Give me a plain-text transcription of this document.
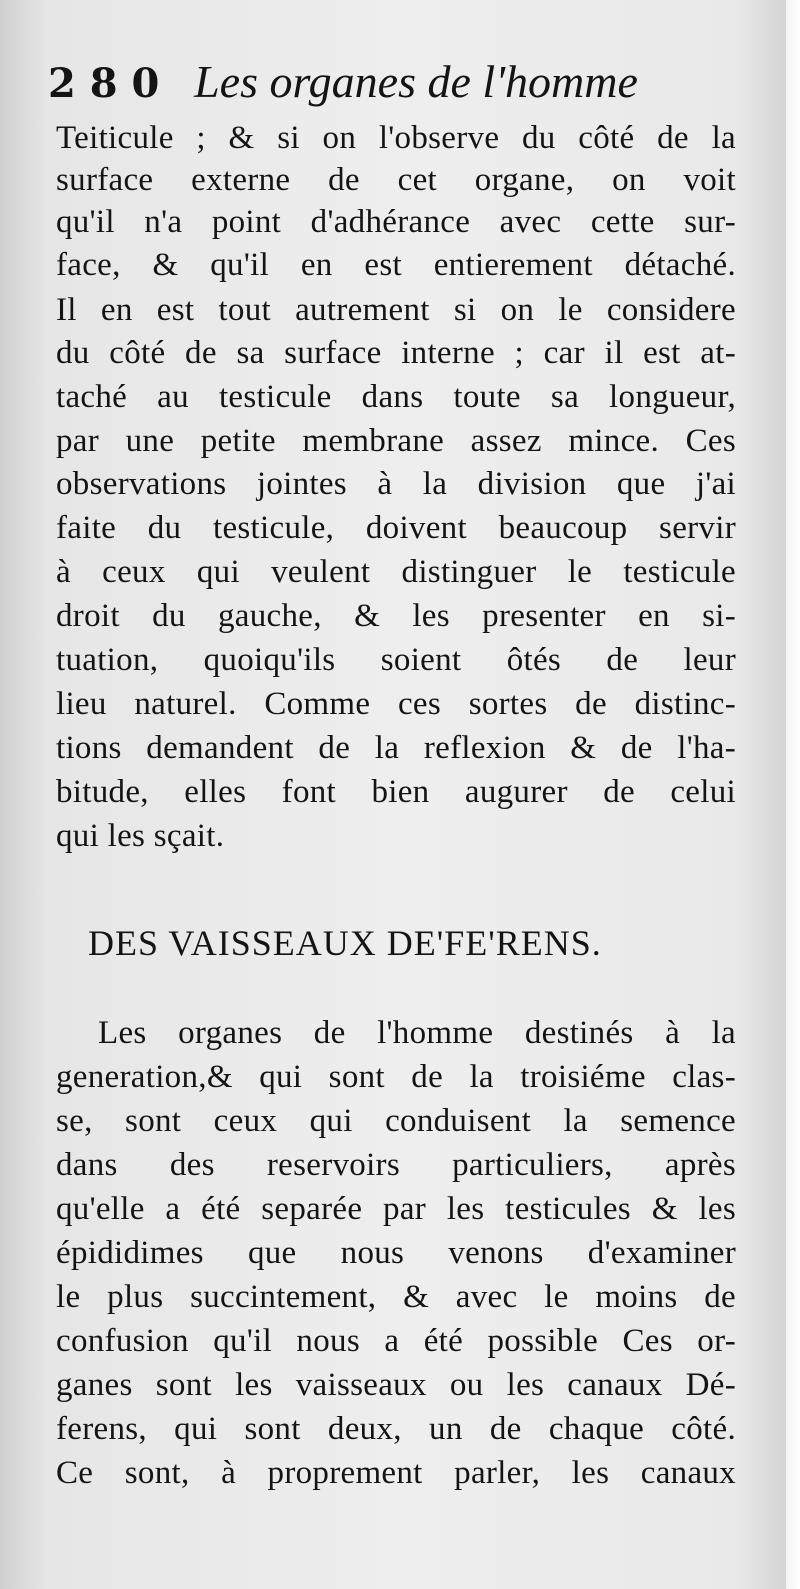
2 8 0 Les organes de l'homme
Teiticule ; & si on l'observe du côté de la
surface externe de cet organe, on voit
qu'il n'a point d'adhérance avec cette sur-
face, & qu'il en est entierement détaché.
Il en est tout autrement si on le considere
du côté de sa surface interne ; car il est at-
taché au testicule dans toute sa longueur,
par une petite membrane assez mince. Ces
observations jointes à la division que j'ai
faite du testicule, doivent beaucoup servir
à ceux qui veulent distinguer le testicule
droit du gauche, & les presenter en si-
tuation, quoiqu'ils soient ôtés de leur
lieu naturel. Comme ces sortes de distinc-
tions demandent de la reflexion & de l'ha-
bitude, elles font bien augurer de celui
qui les sçait.
DES VAISSEAUX DE'FE'RENS.
Les organes de l'homme destinés à la
generation,& qui sont de la troisiéme clas-
se, sont ceux qui conduisent la semence
dans des reservoirs particuliers, après
qu'elle a été separée par les testicules & les
épididimes que nous venons d'examiner
le plus succintement, & avec le moins de
confusion qu'il nous a été possible Ces or-
ganes sont les vaisseaux ou les canaux Dé-
ferens, qui sont deux, un de chaque côté.
Ce sont, à proprement parler, les canaux
